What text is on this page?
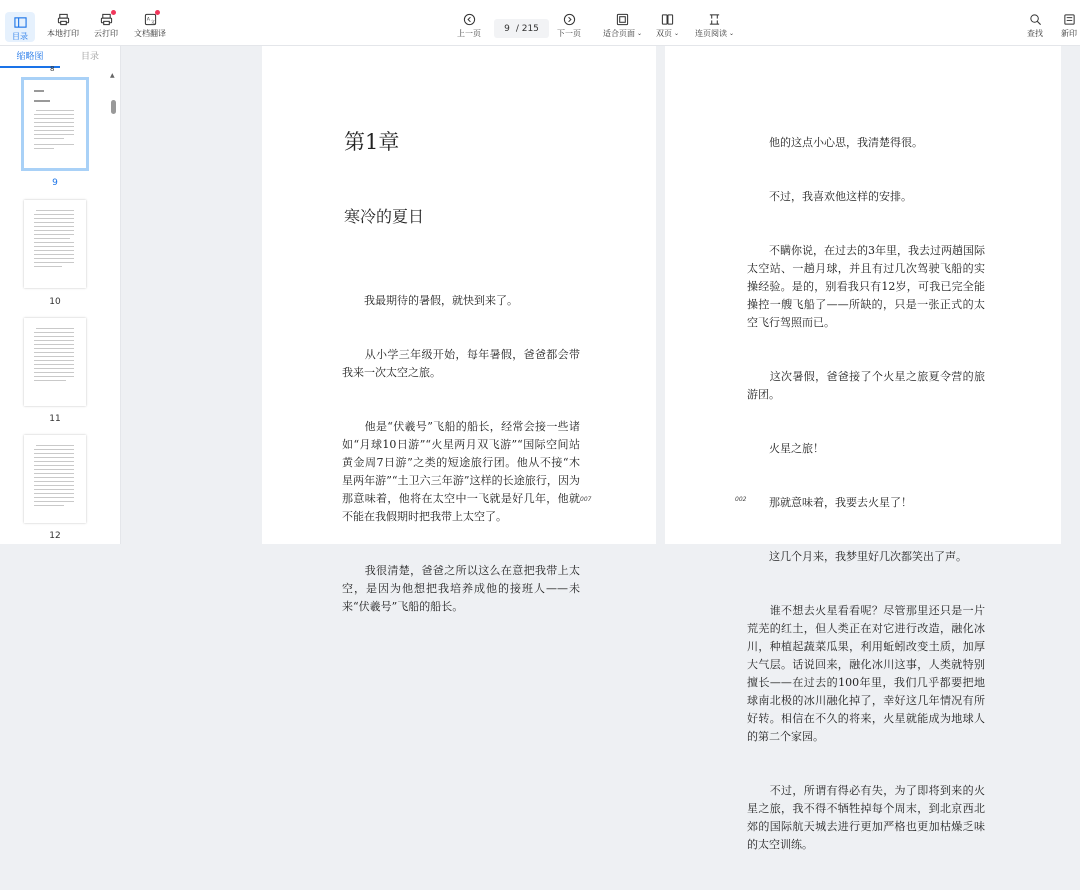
目录 本地打印 云打印
A
文
文档翻译	上一页	9 / 215 下一页	适合页面 ⌄ 双页 ⌄ 连页阅读 ⌄	查找 新印
缩略图	目录
8
9
10
11
12
▲
第1章
寒冷的夏日

　　我最期待的暑假，就快到来了。

　　从小学三年级开始，每年暑假，爸爸都会带我来一次太空之旅。

　　他是“伏羲号”飞船的船长，经常会接一些诸如“月球10日游”“火星两月双飞游”“国际空间站黄金周7日游”之类的短途旅行团。他从不接“木星两年游”“土卫六三年游”这样的长途旅行，因为那意味着，他将在太空中一飞就是好几年，他就不能在我假期时把我带上太空了。

　　我很清楚，爸爸之所以这么在意把我带上太空，是因为他想把我培养成他的接班人——未来“伏羲号”飞船的船长。

007

　　他的这点小心思，我清楚得很。

　　不过，我喜欢他这样的安排。

　　不瞒你说，在过去的3年里，我去过两趟国际太空站、一趟月球，并且有过几次驾驶飞船的实操经验。是的，别看我只有12岁，可我已完全能操控一艘飞船了——所缺的，只是一张正式的太空飞行驾照而已。

　　这次暑假，爸爸接了个火星之旅夏令营的旅游团。

　　火星之旅！

　　那就意味着，我要去火星了！

　　这几个月来，我梦里好几次都笑出了声。

　　谁不想去火星看看呢？尽管那里还只是一片荒芜的红土，但人类正在对它进行改造，融化冰川，种植起蔬菜瓜果，利用蚯蚓改变土质，加厚大气层。话说回来，融化冰川这事，人类就特别擅长——在过去的100年里，我们几乎都要把地球南北极的冰川融化掉了，幸好这几年情况有所好转。相信在不久的将来，火星就能成为地球人的第二个家园。

　　不过，所谓有得必有失，为了即将到来的火星之旅，我不得不牺牲掉每个周末，到北京西北郊的国际航天城去进行更加严格也更加枯燥乏味的太空训练。

002
